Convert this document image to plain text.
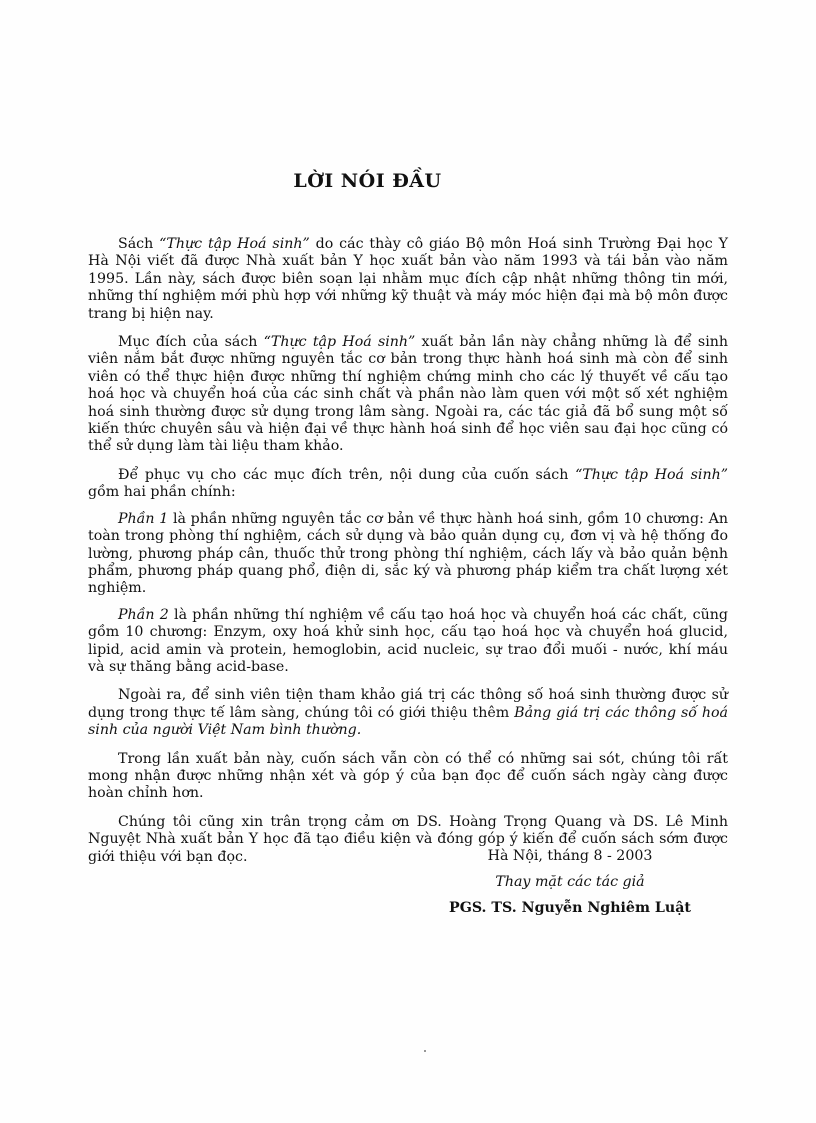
LỜI NÓI ĐẦU

Sách “Thực tập Hoá sinh” do các thày cô giáo Bộ môn Hoá sinh Trường Đại học Y Hà Nội viết đã được Nhà xuất bản Y học xuất bản vào năm 1993 và tái bản vào năm 1995. Lần này, sách được biên soạn lại nhằm mục đích cập nhật những thông tin mới, những thí nghiệm mới phù hợp với những kỹ thuật và máy móc hiện đại mà bộ môn được trang bị hiện nay.

Mục đích của sách “Thực tập Hoá sinh” xuất bản lần này chẳng những là để sinh viên nắm bắt được những nguyên tắc cơ bản trong thực hành hoá sinh mà còn để sinh viên có thể thực hiện được những thí nghiệm chứng minh cho các lý thuyết về cấu tạo hoá học và chuyển hoá của các sinh chất và phần nào làm quen với một số xét nghiệm hoá sinh thường được sử dụng trong lâm sàng. Ngoài ra, các tác giả đã bổ sung một số kiến thức chuyên sâu và hiện đại về thực hành hoá sinh để học viên sau đại học cũng có thể sử dụng làm tài liệu tham khảo.

Để phục vụ cho các mục đích trên, nội dung của cuốn sách “Thực tập Hoá sinh” gồm hai phần chính:

Phần 1 là phần những nguyên tắc cơ bản về thực hành hoá sinh, gồm 10 chương: An toàn trong phòng thí nghiệm, cách sử dụng và bảo quản dụng cụ, đơn vị và hệ thống đo lường, phương pháp cân, thuốc thử trong phòng thí nghiệm, cách lấy và bảo quản bệnh phẩm, phương pháp quang phổ, điện di, sắc ký và phương pháp kiểm tra chất lượng xét nghiệm.

Phần 2 là phần những thí nghiệm về cấu tạo hoá học và chuyển hoá các chất, cũng gồm 10 chương: Enzym, oxy hoá khử sinh học, cấu tạo hoá học và chuyển hoá glucid, lipid, acid amin và protein, hemoglobin, acid nucleic, sự trao đổi muối - nước, khí máu và sự thăng bằng acid-base.

Ngoài ra, để sinh viên tiện tham khảo giá trị các thông số hoá sinh thường được sử dụng trong thực tế lâm sàng, chúng tôi có giới thiệu thêm Bảng giá trị các thông số hoá sinh của người Việt Nam bình thường.

Trong lần xuất bản này, cuốn sách vẫn còn có thể có những sai sót, chúng tôi rất mong nhận được những nhận xét và góp ý của bạn đọc để cuốn sách ngày càng được hoàn chỉnh hơn.

Chúng tôi cũng xin trân trọng cảm ơn DS. Hoàng Trọng Quang và DS. Lê Minh Nguyệt Nhà xuất bản Y học đã tạo điều kiện và đóng góp ý kiến để cuốn sách sớm được giới thiệu với bạn đọc.	Hà Nội, tháng 8 - 2003
Thay mặt các tác giả
PGS. TS. Nguyễn Nghiêm Luật
